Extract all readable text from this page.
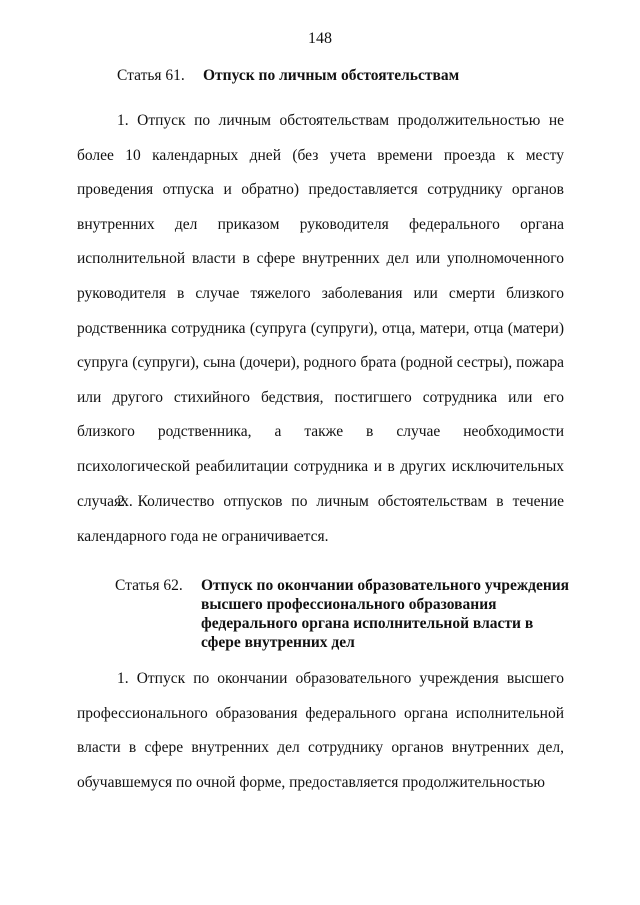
148
Статья 61.	Отпуск по личным обстоятельствам

1. Отпуск по личным обстоятельствам продолжительностью не более 10 календарных дней (без учета времени проезда к месту проведения отпуска и обратно) предоставляется сотруднику органов внутренних дел приказом руководителя федерального органа исполнительной власти в сфере внутренних дел или уполномоченного руководителя в случае тяжелого заболевания или смерти близкого родственника сотрудника (супруга (супруги), отца, матери, отца (матери) супруга (супруги), сына (дочери), родного брата (родной сестры), пожара или другого стихийного бедствия, постигшего сотрудника или его близкого родственника, а также в случае необходимости психологической реабилитации сотрудника и в других исключительных случаях.

2. Количество отпусков по личным обстоятельствам в течение календарного года не ограничивается.

Статья 62.	Отпуск по окончании образовательного учреждения высшего профессионального образования федерального органа исполнительной власти в сфере внутренних дел

1. Отпуск по окончании образовательного учреждения высшего профессионального образования федерального органа исполнительной власти в сфере внутренних дел сотруднику органов внутренних дел, обучавшемуся по очной форме, предоставляется продолжительностью
